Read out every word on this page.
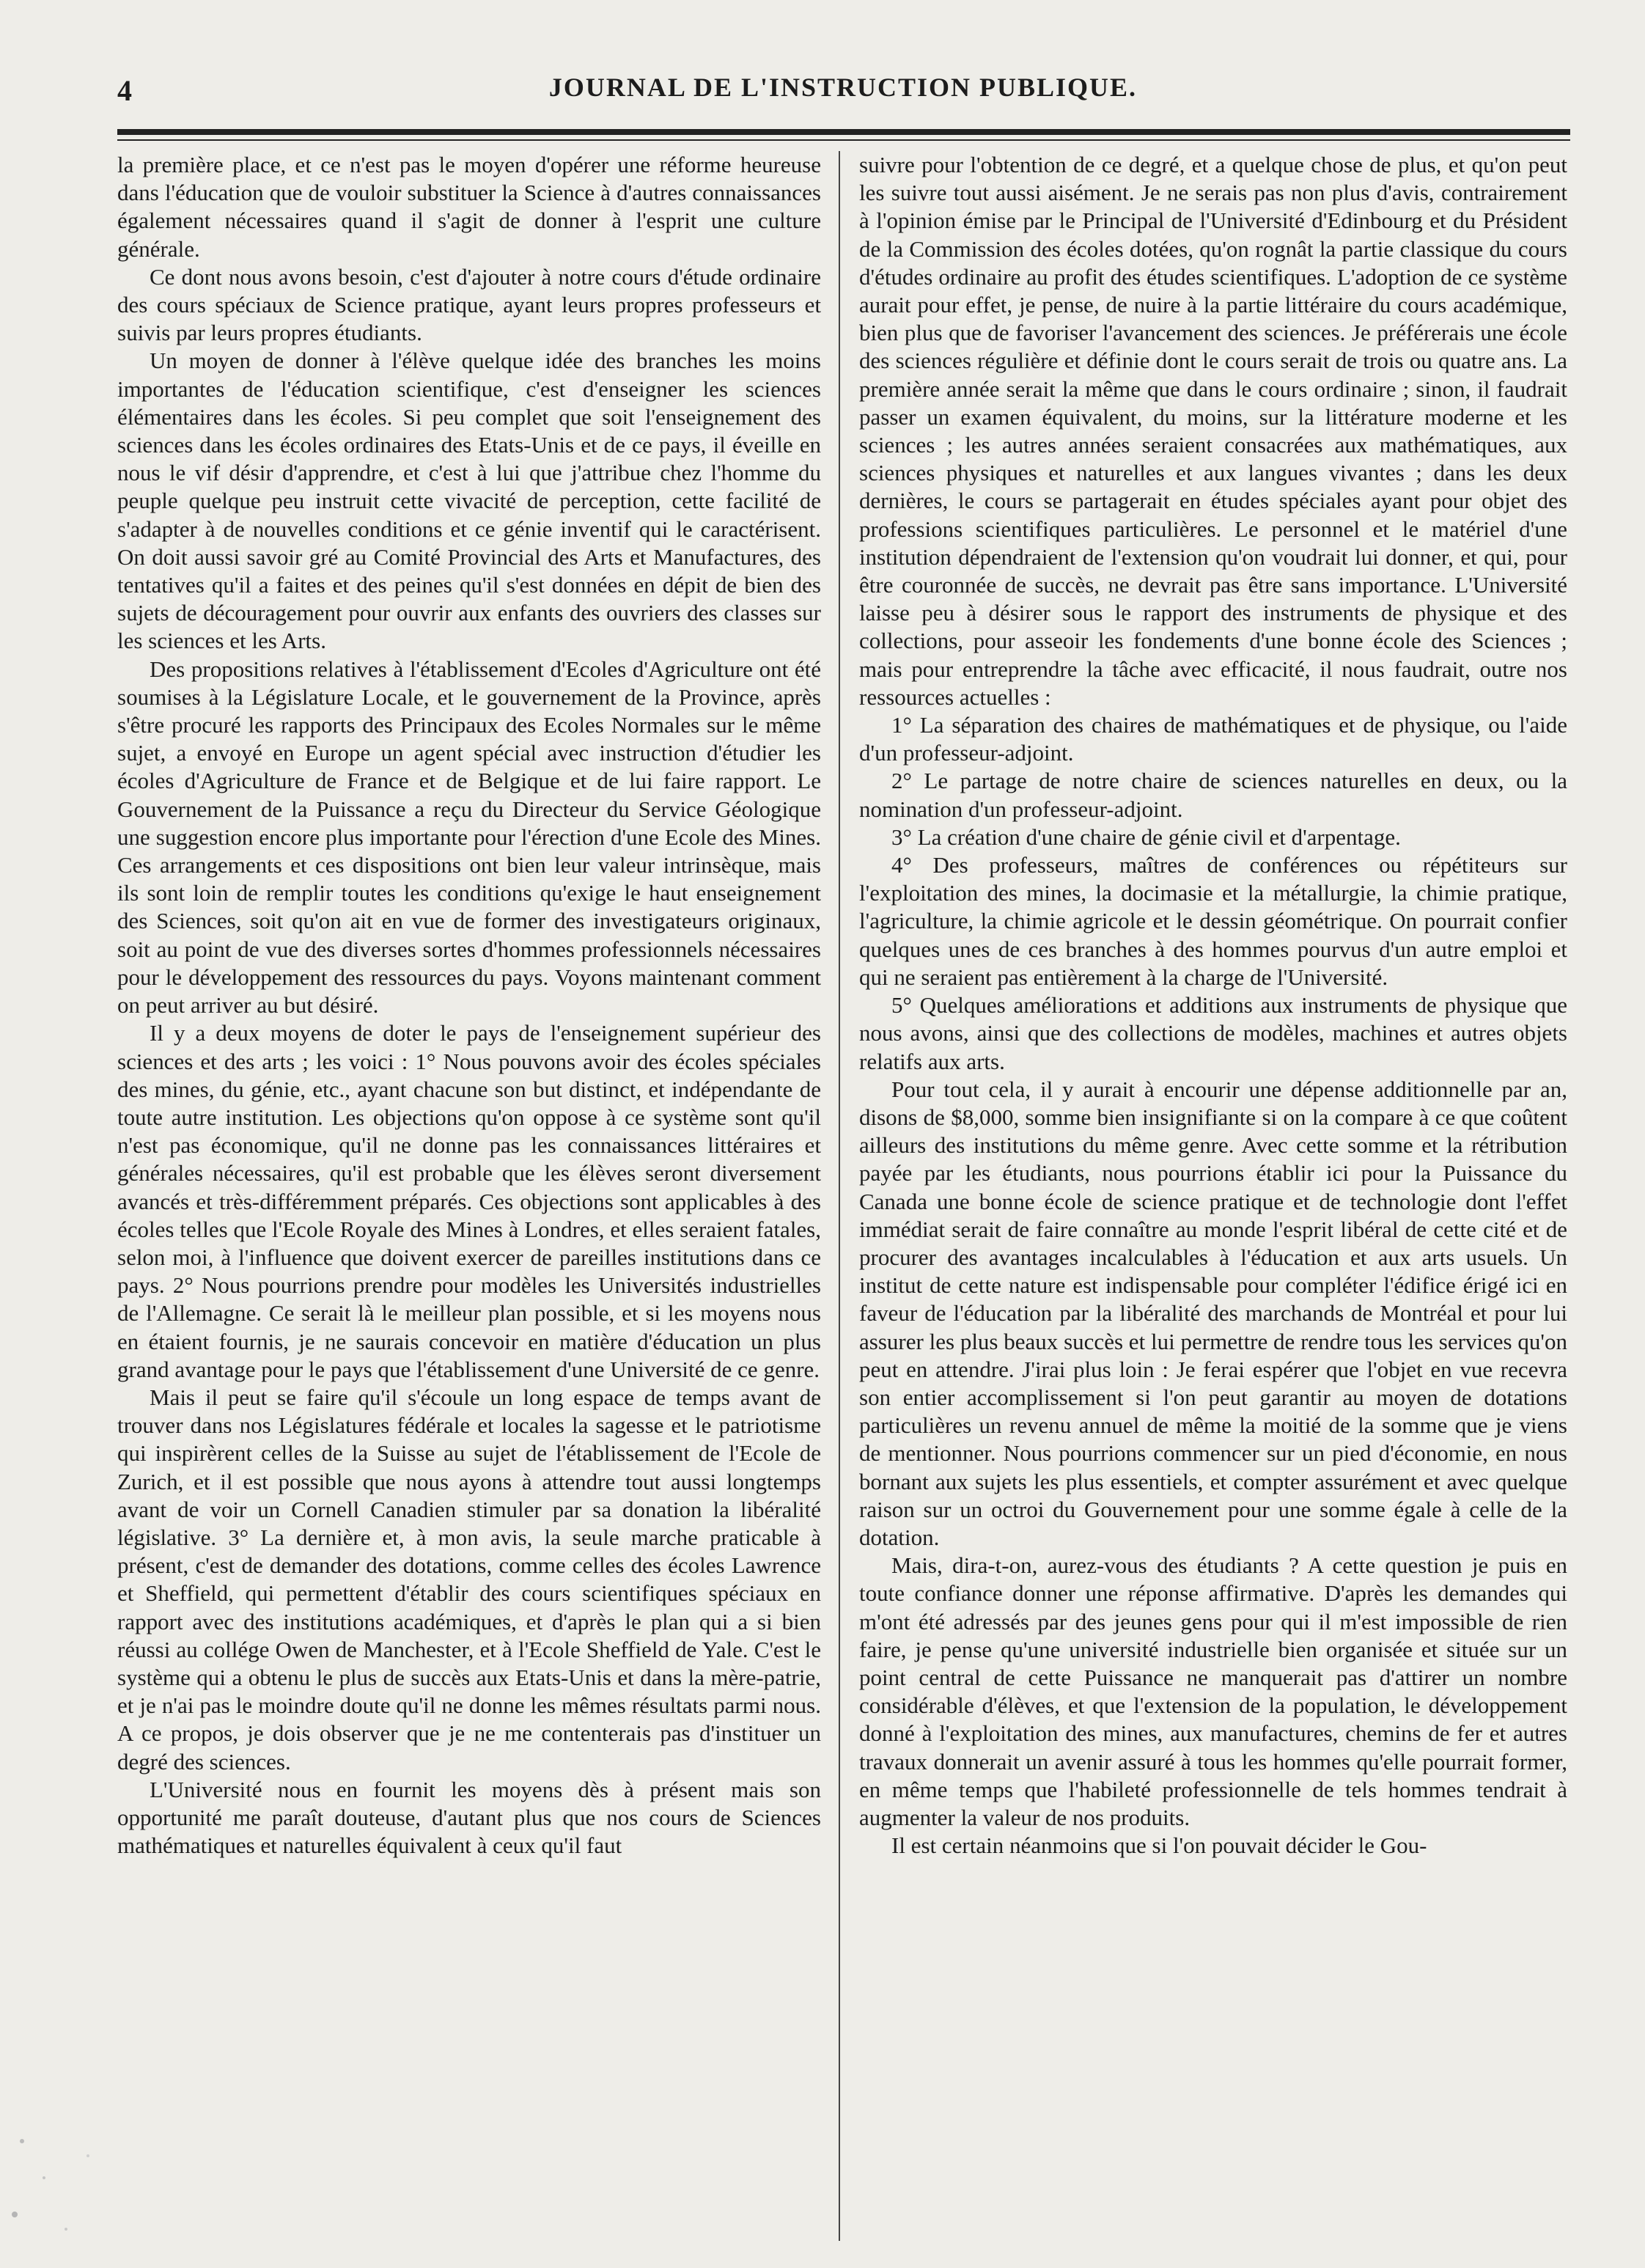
4	JOURNAL DE L'INSTRUCTION PUBLIQUE.

la première place, et ce n'est pas le moyen d'opérer une réforme heureuse dans l'éducation que de vouloir substituer la Science à d'autres connaissances également nécessaires quand il s'agit de donner à l'esprit une culture générale.

Ce dont nous avons besoin, c'est d'ajouter à notre cours d'étude ordinaire des cours spéciaux de Science pratique, ayant leurs propres professeurs et suivis par leurs propres étudiants.

Un moyen de donner à l'élève quelque idée des branches les moins importantes de l'éducation scientifique, c'est d'enseigner les sciences élémentaires dans les écoles. Si peu complet que soit l'enseignement des sciences dans les écoles ordinaires des Etats-Unis et de ce pays, il éveille en nous le vif désir d'apprendre, et c'est à lui que j'attribue chez l'homme du peuple quelque peu instruit cette vivacité de perception, cette facilité de s'adapter à de nouvelles conditions et ce génie inventif qui le caractérisent. On doit aussi savoir gré au Comité Provincial des Arts et Manufactures, des tentatives qu'il a faites et des peines qu'il s'est données en dépit de bien des sujets de découragement pour ouvrir aux enfants des ouvriers des classes sur les sciences et les Arts.

Des propositions relatives à l'établissement d'Ecoles d'Agriculture ont été soumises à la Législature Locale, et le gouvernement de la Province, après s'être procuré les rapports des Principaux des Ecoles Normales sur le même sujet, a envoyé en Europe un agent spécial avec instruction d'étudier les écoles d'Agriculture de France et de Belgique et de lui faire rapport. Le Gouvernement de la Puissance a reçu du Directeur du Service Géologique une suggestion encore plus importante pour l'érection d'une Ecole des Mines. Ces arrangements et ces dispositions ont bien leur valeur intrinsèque, mais ils sont loin de remplir toutes les conditions qu'exige le haut enseignement des Sciences, soit qu'on ait en vue de former des investigateurs originaux, soit au point de vue des diverses sortes d'hommes professionnels nécessaires pour le développement des ressources du pays. Voyons maintenant comment on peut arriver au but désiré.

Il y a deux moyens de doter le pays de l'enseignement supérieur des sciences et des arts ; les voici : 1° Nous pouvons avoir des écoles spéciales des mines, du génie, etc., ayant chacune son but distinct, et indépendante de toute autre institution. Les objections qu'on oppose à ce système sont qu'il n'est pas économique, qu'il ne donne pas les connaissances littéraires et générales nécessaires, qu'il est probable que les élèves seront diversement avancés et très-différemment préparés. Ces objections sont applicables à des écoles telles que l'Ecole Royale des Mines à Londres, et elles seraient fatales, selon moi, à l'influence que doivent exercer de pareilles institutions dans ce pays. 2° Nous pourrions prendre pour modèles les Universités industrielles de l'Allemagne. Ce serait là le meilleur plan possible, et si les moyens nous en étaient fournis, je ne saurais concevoir en matière d'éducation un plus grand avantage pour le pays que l'établissement d'une Université de ce genre.

Mais il peut se faire qu'il s'écoule un long espace de temps avant de trouver dans nos Législatures fédérale et locales la sagesse et le patriotisme qui inspirèrent celles de la Suisse au sujet de l'établissement de l'Ecole de Zurich, et il est possible que nous ayons à attendre tout aussi longtemps avant de voir un Cornell Canadien stimuler par sa donation la libéralité législative. 3° La dernière et, à mon avis, la seule marche praticable à présent, c'est de demander des dotations, comme celles des écoles Lawrence et Sheffield, qui permettent d'établir des cours scientifiques spéciaux en rapport avec des institutions académiques, et d'après le plan qui a si bien réussi au collége Owen de Manchester, et à l'Ecole Sheffield de Yale. C'est le système qui a obtenu le plus de succès aux Etats-Unis et dans la mère-patrie, et je n'ai pas le moindre doute qu'il ne donne les mêmes résultats parmi nous. A ce propos, je dois observer que je ne me contenterais pas d'instituer un degré des sciences.

L'Université nous en fournit les moyens dès à présent mais son opportunité me paraît douteuse, d'autant plus que nos cours de Sciences mathématiques et naturelles équivalent à ceux qu'il faut

suivre pour l'obtention de ce degré, et a quelque chose de plus, et qu'on peut les suivre tout aussi aisément. Je ne serais pas non plus d'avis, contrairement à l'opinion émise par le Principal de l'Université d'Edinbourg et du Président de la Commission des écoles dotées, qu'on rognât la partie classique du cours d'études ordinaire au profit des études scientifiques. L'adoption de ce système aurait pour effet, je pense, de nuire à la partie littéraire du cours académique, bien plus que de favoriser l'avancement des sciences. Je préférerais une école des sciences régulière et définie dont le cours serait de trois ou quatre ans. La première année serait la même que dans le cours ordinaire ; sinon, il faudrait passer un examen équivalent, du moins, sur la littérature moderne et les sciences ; les autres années seraient consacrées aux mathématiques, aux sciences physiques et naturelles et aux langues vivantes ; dans les deux dernières, le cours se partagerait en études spéciales ayant pour objet des professions scientifiques particulières. Le personnel et le matériel d'une institution dépendraient de l'extension qu'on voudrait lui donner, et qui, pour être couronnée de succès, ne devrait pas être sans importance. L'Université laisse peu à désirer sous le rapport des instruments de physique et des collections, pour asseoir les fondements d'une bonne école des Sciences ; mais pour entreprendre la tâche avec efficacité, il nous faudrait, outre nos ressources actuelles :

1° La séparation des chaires de mathématiques et de physique, ou l'aide d'un professeur-adjoint.

2° Le partage de notre chaire de sciences naturelles en deux, ou la nomination d'un professeur-adjoint.

3° La création d'une chaire de génie civil et d'arpentage.

4° Des professeurs, maîtres de conférences ou répétiteurs sur l'exploitation des mines, la docimasie et la métallurgie, la chimie pratique, l'agriculture, la chimie agricole et le dessin géométrique. On pourrait confier quelques unes de ces branches à des hommes pourvus d'un autre emploi et qui ne seraient pas entièrement à la charge de l'Université.

5° Quelques améliorations et additions aux instruments de physique que nous avons, ainsi que des collections de modèles, machines et autres objets relatifs aux arts.

Pour tout cela, il y aurait à encourir une dépense additionnelle par an, disons de $8,000, somme bien insignifiante si on la compare à ce que coûtent ailleurs des institutions du même genre. Avec cette somme et la rétribution payée par les étudiants, nous pourrions établir ici pour la Puissance du Canada une bonne école de science pratique et de technologie dont l'effet immédiat serait de faire connaître au monde l'esprit libéral de cette cité et de procurer des avantages incalculables à l'éducation et aux arts usuels. Un institut de cette nature est indispensable pour compléter l'édifice érigé ici en faveur de l'éducation par la libéralité des marchands de Montréal et pour lui assurer les plus beaux succès et lui permettre de rendre tous les services qu'on peut en attendre. J'irai plus loin : Je ferai espérer que l'objet en vue recevra son entier accomplissement si l'on peut garantir au moyen de dotations particulières un revenu annuel de même la moitié de la somme que je viens de mentionner. Nous pourrions commencer sur un pied d'économie, en nous bornant aux sujets les plus essentiels, et compter assurément et avec quelque raison sur un octroi du Gouvernement pour une somme égale à celle de la dotation.

Mais, dira-t-on, aurez-vous des étudiants ? A cette question je puis en toute confiance donner une réponse affirmative. D'après les demandes qui m'ont été adressés par des jeunes gens pour qui il m'est impossible de rien faire, je pense qu'une université industrielle bien organisée et située sur un point central de cette Puissance ne manquerait pas d'attirer un nombre considérable d'élèves, et que l'extension de la population, le développement donné à l'exploitation des mines, aux manufactures, chemins de fer et autres travaux donnerait un avenir assuré à tous les hommes qu'elle pourrait former, en même temps que l'habileté professionnelle de tels hommes tendrait à augmenter la valeur de nos produits.

Il est certain néanmoins que si l'on pouvait décider le Gou-
